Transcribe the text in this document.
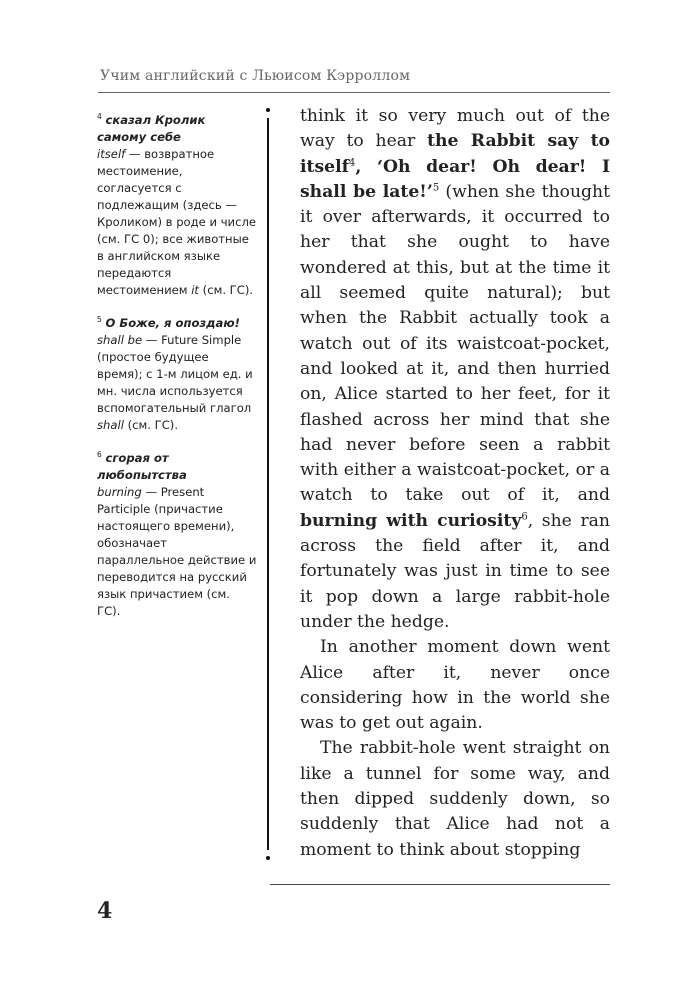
Учим английский с Льюисом Кэрроллом

$^4$ сказал Кролик самому себе
itself — возвратное местоимение, согласуется с подлежащим (здесь — Кроликом) в роде и числе (см. ГС 0); все животные в английском языке передаются местоимением it (см. ГС).

$^5$ О Боже, я опоздаю!
shall be — Future Simple (простое будущее время); с 1-м лицом ед. и мн. числа используется вспомогательный глагол shall (см. ГС).

$^6$ сгорая от любопытства
burning — Present Participle (причастие настоящего времени), обозначает параллельное действие и переводится на русский язык причастием (см. ГС).

think it so very much out of the way to hear the Rabbit say to itself$^4$, ‘Oh dear! Oh dear! I shall be late!’$^5$ (when she thought it over afterwards, it occurred to her that she ought to have wondered at this, but at the time it all seemed quite natural); but when the Rabbit actually took a watch out of its waistcoat-pocket, and looked at it, and then hurried on, Alice started to her feet, for it flashed across her mind that she had never before seen a rabbit with either a waistcoat-pocket, or a watch to take out of it, and burning with curiosity$^6$, she ran across the field after it, and fortunately was just in time to see it pop down a large rabbit-hole under the hedge.

In another moment down went Alice after it, never once considering how in the world she was to get out again.

The rabbit-hole went straight on like a tunnel for some way, and then dipped suddenly down, so suddenly that Alice had not a moment to think about stopping

4
